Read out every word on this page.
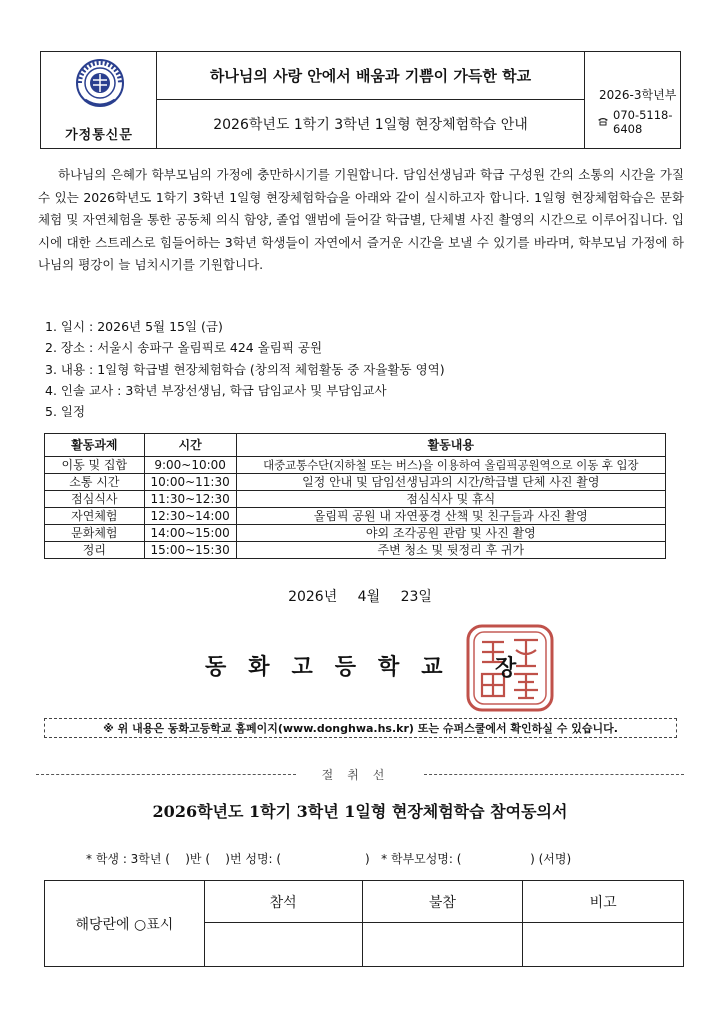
가정통신문
하나님의 사랑 안에서 배움과 기쁨이 가득한 학교
2026학년도 1학기 3학년 1일형 현장체험학습 안내
2026-3학년부
070-5118-6408
하나님의 은혜가 학부모님의 가정에 충만하시기를 기원합니다. 담임선생님과 학급 구성원 간의 소통의 시간을 가질 수 있는 2026학년도 1학기 3학년 1일형 현장체험학습을 아래와 같이 실시하고자 합니다. 1일형 현장체험학습은 문화체험 및 자연체험을 통한 공동체 의식 함양, 졸업 앨범에 들어갈 학급별, 단체별 사진 촬영의 시간으로 이루어집니다. 입시에 대한 스트레스로 힘들어하는 3학년 학생들이 자연에서 즐거운 시간을 보낼 수 있기를 바라며, 학부모님 가정에 하나님의 평강이 늘 넘치시기를 기원합니다.
1. 일시 : 2026년 5월 15일 (금)
2. 장소 : 서울시 송파구 올림픽로 424 올림픽 공원
3. 내용 : 1일형 학급별 현장체험학습 (창의적 체험활동 중 자율활동 영역)
4. 인솔 교사 : 3학년 부장선생님, 학급 담임교사 및 부담임교사
5. 일정
활동과제	시간	활동내용
이동 및 집합	9:00~10:00	대중교통수단(지하철 또는 버스)을 이용하여 올림픽공원역으로 이동 후 입장
소통 시간	10:00~11:30	일정 안내 및 담임선생님과의 시간/학급별 단체 사진 촬영
점심식사	11:30~12:30	점심식사 및 휴식
자연체험	12:30~14:00	올림픽 공원 내 자연풍경 산책 및 친구들과 사진 촬영
문화체험	14:00~15:00	야외 조각공원 관람 및 사진 촬영
정리	15:00~15:30	주변 청소 및 뒷정리 후 귀가
2026년 4월 23일
동화고등학교 장
※ 위 내용은 동화고등학교 홈페이지(www.donghwa.hs.kr) 또는 슈퍼스쿨에서 확인하실 수 있습니다.
절취선
2026학년도 1학기 3학년 1일형 현장체험학습 참여동의서
* 학생 : 3학년 (    )반 (    )번 성명: (                      )   * 학부모성명: (                  ) (서명)
해당란에 ○표시	참석	불참	비고
